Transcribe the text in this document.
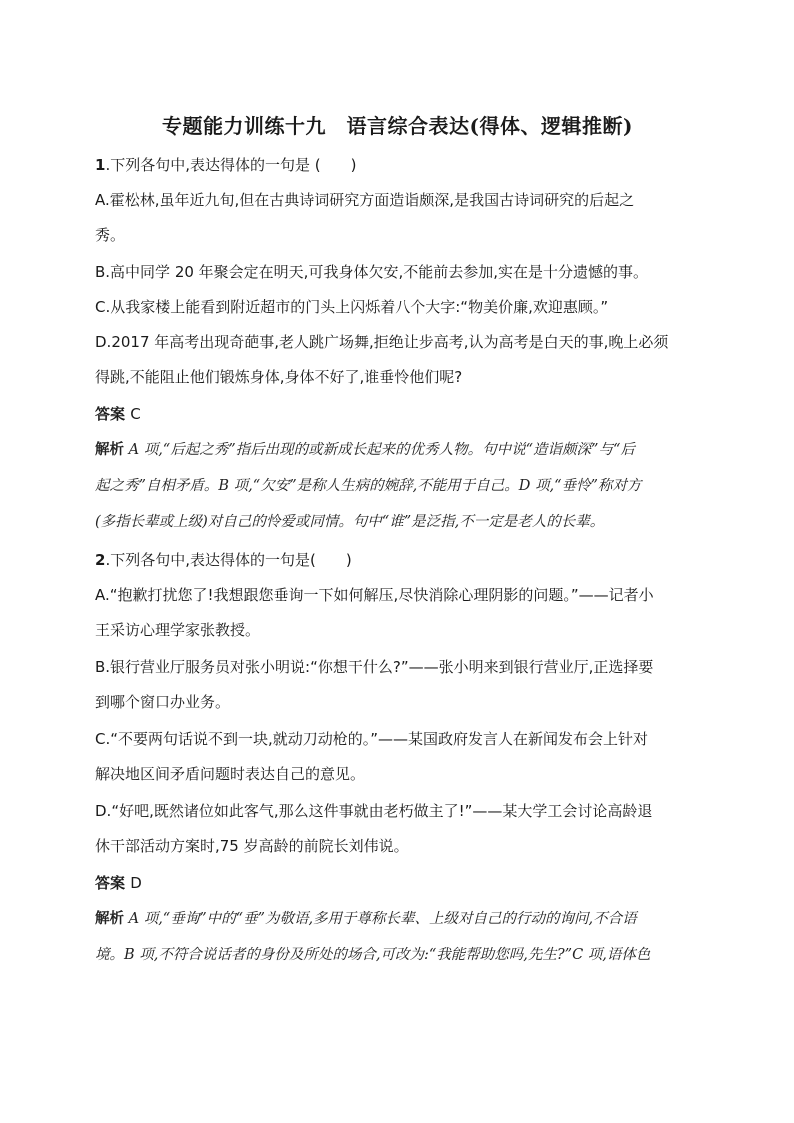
专题能力训练十九　语言综合表达(得体、逻辑推断)
1.下列各句中,表达得体的一句是 (　　)
A.霍松林,虽年近九旬,但在古典诗词研究方面造诣颇深,是我国古诗词研究的后起之
秀。
B.高中同学 20 年聚会定在明天,可我身体欠安,不能前去参加,实在是十分遗憾的事。
C.从我家楼上能看到附近超市的门头上闪烁着八个大字:“物美价廉,欢迎惠顾。”
D.2017 年高考出现奇葩事,老人跳广场舞,拒绝让步高考,认为高考是白天的事,晚上必须
得跳,不能阻止他们锻炼身体,身体不好了,谁垂怜他们呢?
答案 C
解析 A 项,“后起之秀”指后出现的或新成长起来的优秀人物。句中说“造诣颇深”与“后
起之秀”自相矛盾。B 项,“欠安”是称人生病的婉辞,不能用于自己。D 项,“垂怜”称对方
(多指长辈或上级)对自己的怜爱或同情。句中“谁”是泛指,不一定是老人的长辈。
2.下列各句中,表达得体的一句是(　　)
A.“抱歉打扰您了!我想跟您垂询一下如何解压,尽快消除心理阴影的问题。”——记者小
王采访心理学家张教授。
B.银行营业厅服务员对张小明说:“你想干什么?”——张小明来到银行营业厅,正选择要
到哪个窗口办业务。
C.“不要两句话说不到一块,就动刀动枪的。”——某国政府发言人在新闻发布会上针对
解决地区间矛盾问题时表达自己的意见。
D.“好吧,既然诸位如此客气,那么这件事就由老朽做主了!”——某大学工会讨论高龄退
休干部活动方案时,75 岁高龄的前院长刘伟说。
答案 D
解析 A 项,“垂询”中的“垂”为敬语,多用于尊称长辈、上级对自己的行动的询问,不合语
境。B 项,不符合说话者的身份及所处的场合,可改为:“我能帮助您吗,先生?”C 项,语体色
